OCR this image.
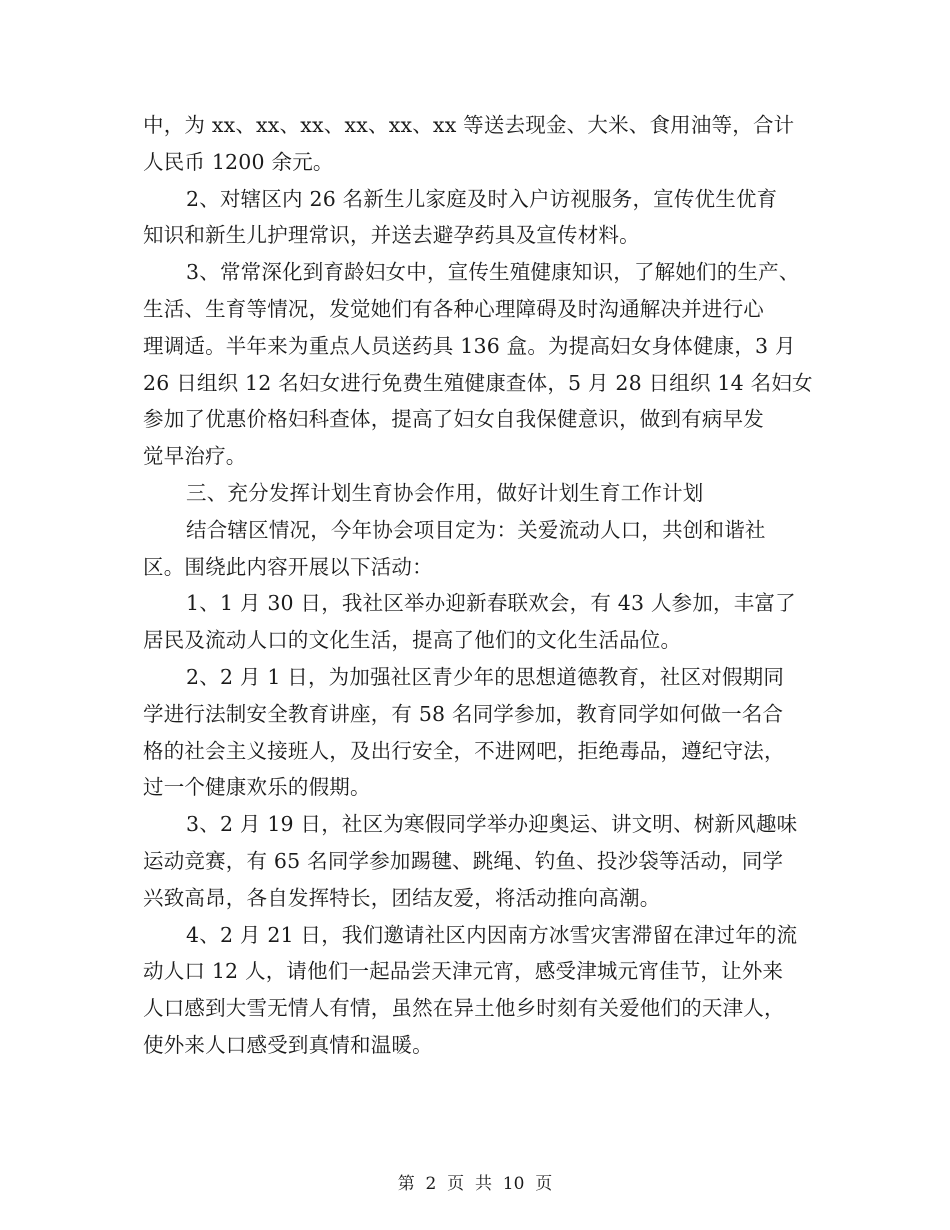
中，为 xx、xx、xx、xx、xx、xx 等送去现金、大米、食用油等，合计
人民币 1200 余元。
2、对辖区内 26 名新生儿家庭及时入户访视服务，宣传优生优育
知识和新生儿护理常识，并送去避孕药具及宣传材料。
3、常常深化到育龄妇女中，宣传生殖健康知识，了解她们的生产、
生活、生育等情况，发觉她们有各种心理障碍及时沟通解决并进行心
理调适。半年来为重点人员送药具 136 盒。为提高妇女身体健康，3 月
26 日组织 12 名妇女进行免费生殖健康查体，5 月 28 日组织 14 名妇女
参加了优惠价格妇科查体，提高了妇女自我保健意识，做到有病早发
觉早治疗。
三、充分发挥计划生育协会作用，做好计划生育工作计划
结合辖区情况，今年协会项目定为：关爱流动人口，共创和谐社
区。围绕此内容开展以下活动：
1、1 月 30 日，我社区举办迎新春联欢会，有 43 人参加，丰富了
居民及流动人口的文化生活，提高了他们的文化生活品位。
2、2 月 1 日，为加强社区青少年的思想道德教育，社区对假期同
学进行法制安全教育讲座，有 58 名同学参加，教育同学如何做一名合
格的社会主义接班人，及出行安全，不进网吧，拒绝毒品，遵纪守法，
过一个健康欢乐的假期。
3、2 月 19 日，社区为寒假同学举办迎奥运、讲文明、树新风趣味
运动竞赛，有 65 名同学参加踢毽、跳绳、钓鱼、投沙袋等活动，同学
兴致高昂，各自发挥特长，团结友爱，将活动推向高潮。
4、2 月 21 日，我们邀请社区内因南方冰雪灾害滞留在津过年的流
动人口 12 人，请他们一起品尝天津元宵，感受津城元宵佳节，让外来
人口感到大雪无情人有情，虽然在异土他乡时刻有关爱他们的天津人，
使外来人口感受到真情和温暖。
第  2  页  共  10  页
